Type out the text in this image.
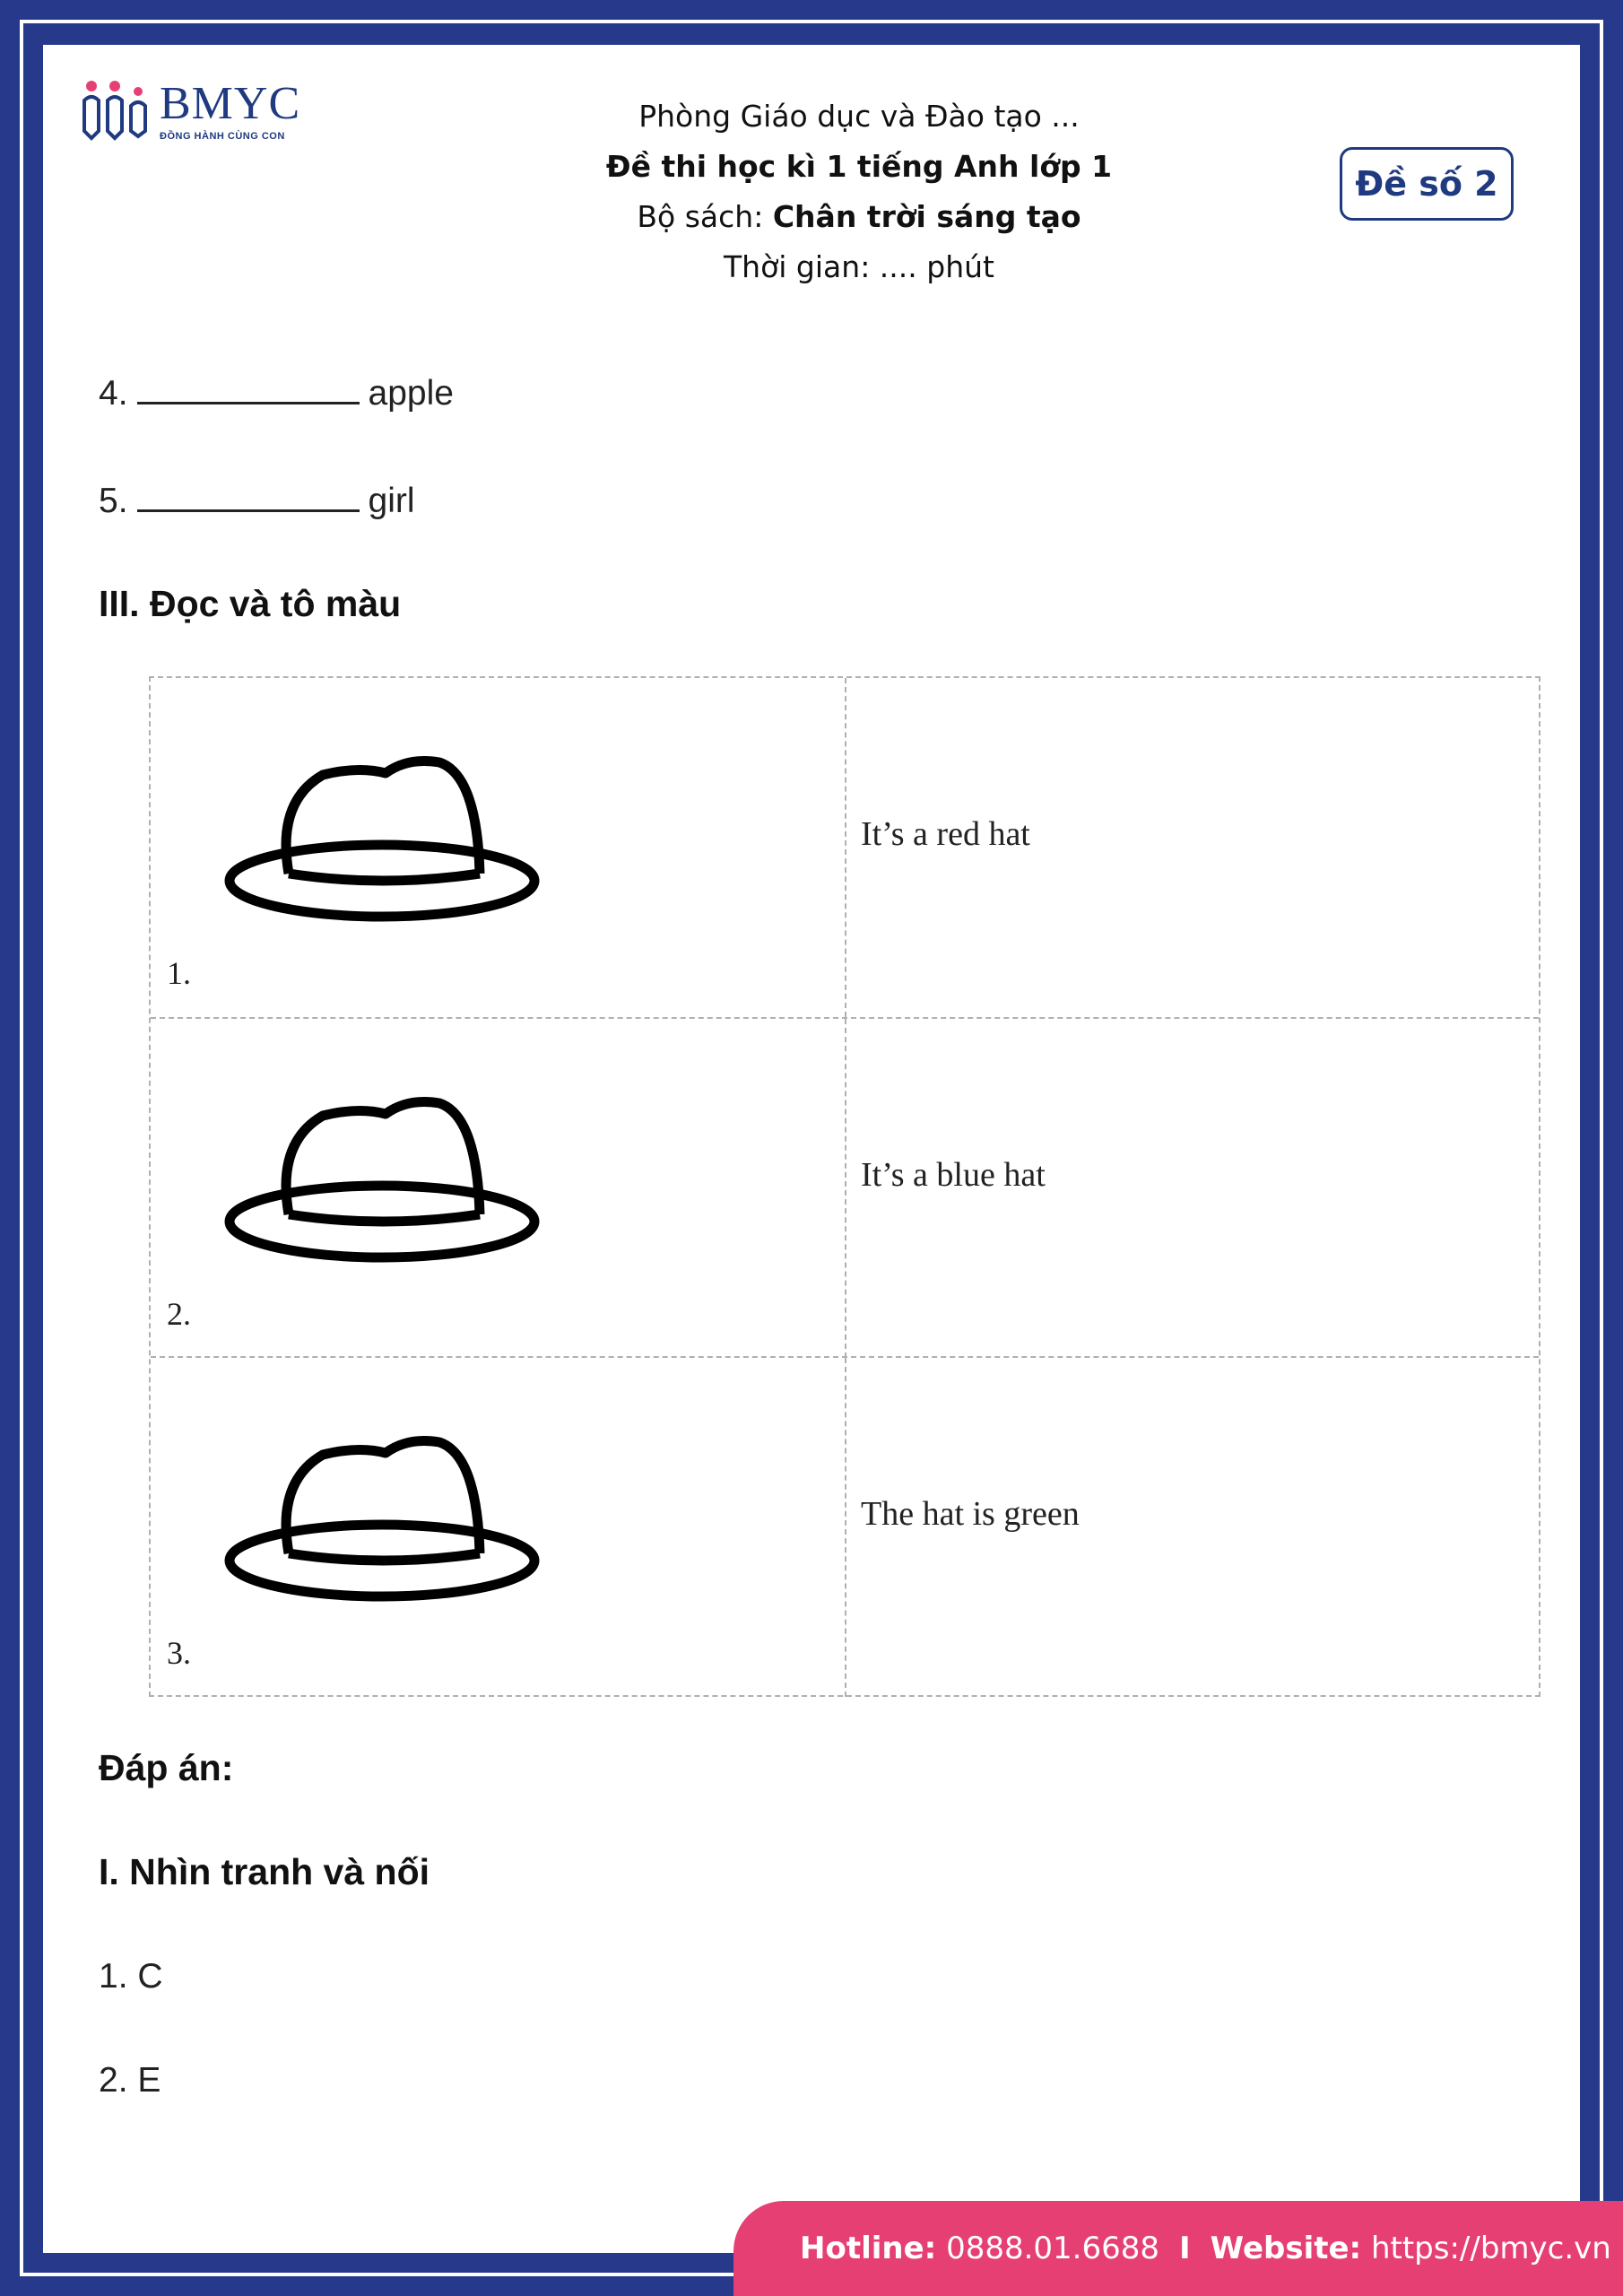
BMYC
ĐỒNG HÀNH CÙNG CON
Phòng Giáo dục và Đào tạo ...
Đề thi học kì 1 tiếng Anh lớp 1
Bộ sách: Chân trời sáng tạo
Thời gian: .... phút
Đề số 2
4.	apple
5.	girl
III. Đọc và tô màu
1.
It’s a red hat
2.
It’s a blue hat
3.
The hat is green
Đáp án:
I. Nhìn tranh và nối
1. C
2. E
Hotline:
0888.01.6688 I Website:
https://bmyc.vn
